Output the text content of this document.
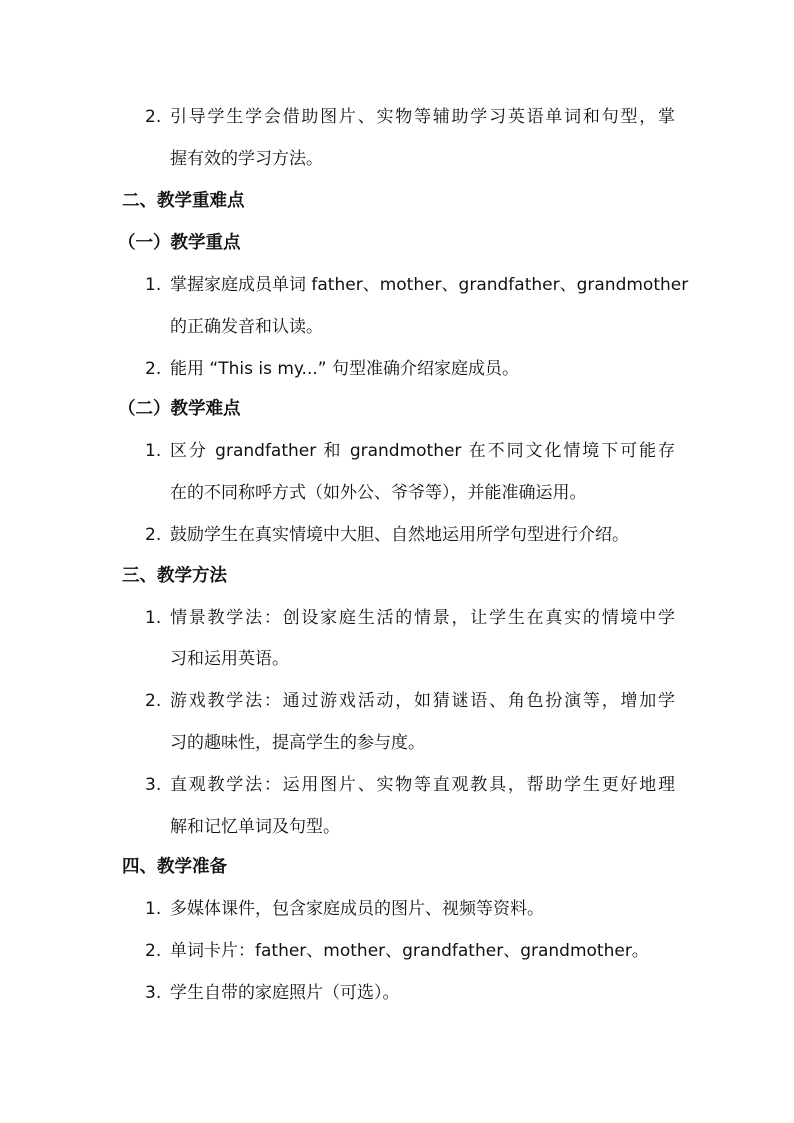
2. 引导学生学会借助图片、实物等辅助学习英语单词和句型，掌
握有效的学习方法。
二、教学重难点
（一）教学重点
1. 掌握家庭成员单词 father、mother、grandfather、grandmother
的正确发音和认读。
2. 能用 “This is my...” 句型准确介绍家庭成员。
（二）教学难点
1. 区分 grandfather 和 grandmother 在不同文化情境下可能存
在的不同称呼方式（如外公、爷爷等），并能准确运用。
2. 鼓励学生在真实情境中大胆、自然地运用所学句型进行介绍。
三、教学方法
1. 情景教学法：创设家庭生活的情景，让学生在真实的情境中学
习和运用英语。
2. 游戏教学法：通过游戏活动，如猜谜语、角色扮演等，增加学
习的趣味性，提高学生的参与度。
3. 直观教学法：运用图片、实物等直观教具，帮助学生更好地理
解和记忆单词及句型。
四、教学准备
1. 多媒体课件，包含家庭成员的图片、视频等资料。
2. 单词卡片：father、mother、grandfather、grandmother。
3. 学生自带的家庭照片（可选）。
